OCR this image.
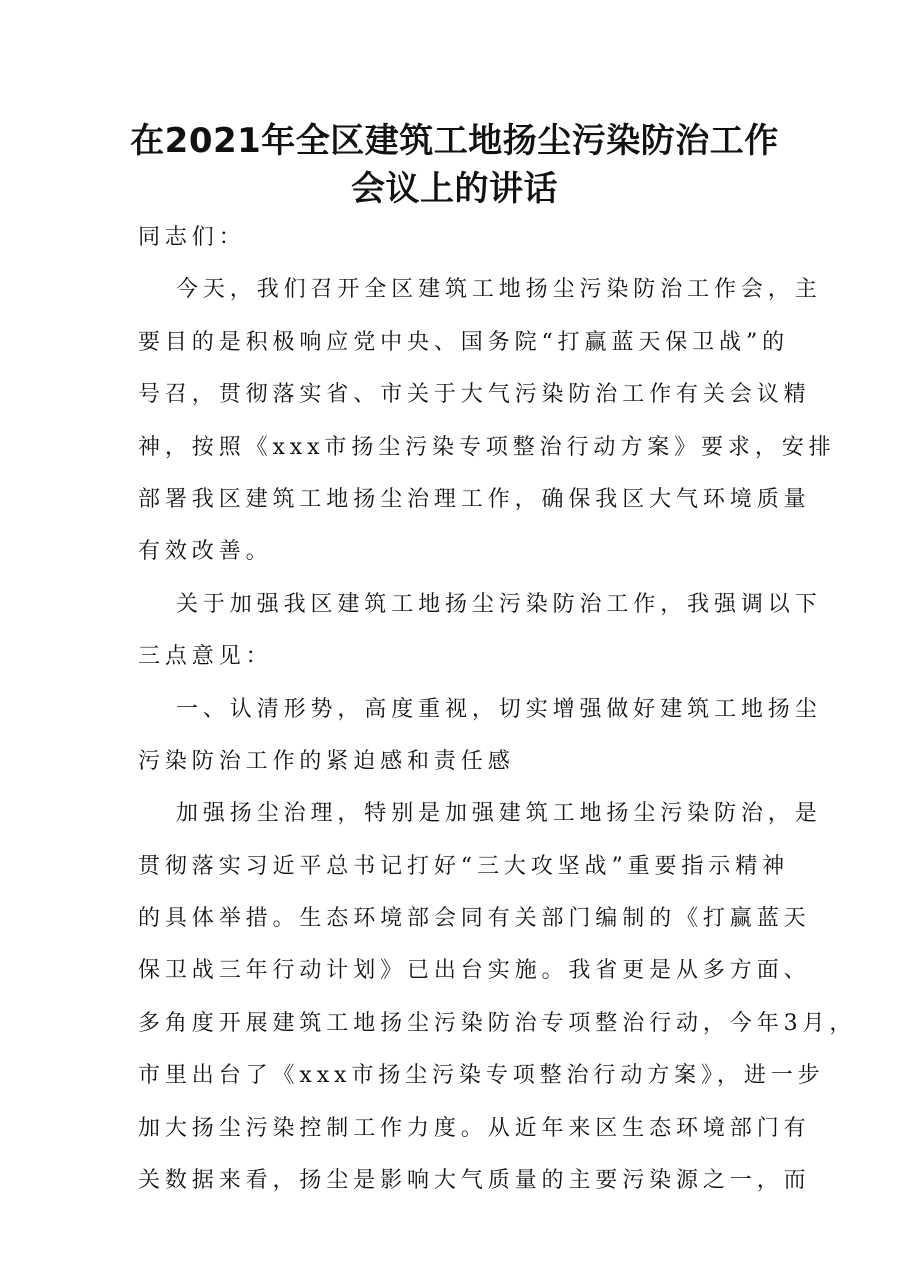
在2021年全区建筑工地扬尘污染防治工作
会议上的讲话
同志们：
今天，我们召开全区建筑工地扬尘污染防治工作会，主
要目的是积极响应党中央、国务院“打赢蓝天保卫战”的
号召，贯彻落实省、市关于大气污染防治工作有关会议精
神，按照《xxx市扬尘污染专项整治行动方案》要求，安排
部署我区建筑工地扬尘治理工作，确保我区大气环境质量
有效改善。
关于加强我区建筑工地扬尘污染防治工作，我强调以下
三点意见：
一、认清形势，高度重视，切实增强做好建筑工地扬尘
污染防治工作的紧迫感和责任感
加强扬尘治理，特别是加强建筑工地扬尘污染防治，是
贯彻落实习近平总书记打好“三大攻坚战”重要指示精神
的具体举措。生态环境部会同有关部门编制的《打赢蓝天
保卫战三年行动计划》已出台实施。我省更是从多方面、
多角度开展建筑工地扬尘污染防治专项整治行动，今年3月，
市里出台了《xxx市扬尘污染专项整治行动方案》，进一步
加大扬尘污染控制工作力度。从近年来区生态环境部门有
关数据来看，扬尘是影响大气质量的主要污染源之一，而
